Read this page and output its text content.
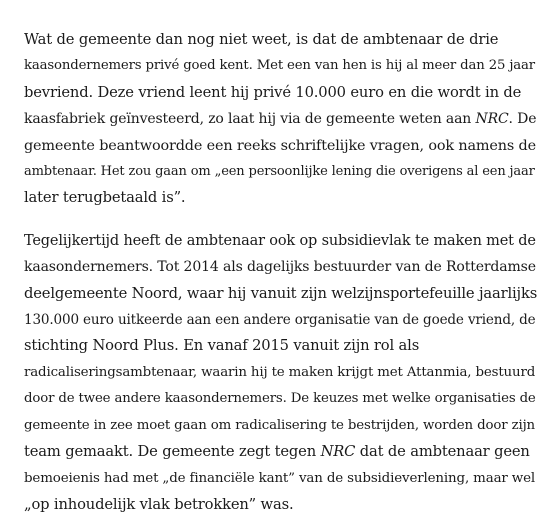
Wat de gemeente dan nog niet weet, is dat de ambtenaar de drie
kaasondernemers privé goed kent. Met een van hen is hij al meer dan 25 jaar
bevriend. Deze vriend leent hij privé 10.000 euro en die wordt in de
kaasfabriek geïnvesteerd, zo laat hij via de gemeente weten aan NRC. De
gemeente beantwoordde een reeks schriftelijke vragen, ook namens de
ambtenaar. Het zou gaan om „een persoonlijke lening die overigens al een jaar
later terugbetaald is”.

Tegelijkertijd heeft de ambtenaar ook op subsidievlak te maken met de
kaasondernemers. Tot 2014 als dagelijks bestuurder van de Rotterdamse
deelgemeente Noord, waar hij vanuit zijn welzijnsportefeuille jaarlijks
130.000 euro uitkeerde aan een andere organisatie van de goede vriend, de
stichting Noord Plus. En vanaf 2015 vanuit zijn rol als
radicaliseringsambtenaar, waarin hij te maken krijgt met Attanmia, bestuurd
door de twee andere kaasondernemers. De keuzes met welke organisaties de
gemeente in zee moet gaan om radicalisering te bestrijden, worden door zijn
team gemaakt. De gemeente zegt tegen NRC dat de ambtenaar geen
bemoeienis had met „de financiële kant” van de subsidieverlening, maar wel
„op inhoudelijk vlak betrokken” was.
